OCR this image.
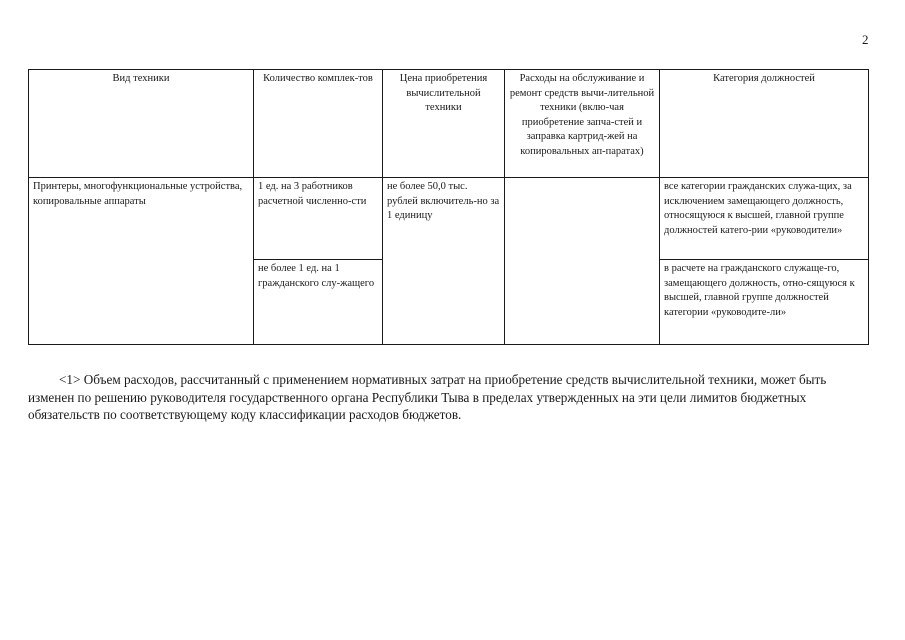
2
Вид техники	Количество комплек-тов	Цена приобретения вычислительной техники	Расходы на обслуживание и ремонт средств вычи-лительной техники (вклю-чая приобретение запча-стей и заправка картрид-жей на копировальных ап-паратах)	Категория должностей
Принтеры, многофункциональные устройства, копировальные аппараты	1 ед. на 3 работников расчетной численно-сти	не более 50,0 тыс. рублей включитель-но за 1 единицу		все категории гражданских служа-щих, за исключением замещающего должность, относящуюся к высшей, главной группе должностей катего-рии «руководители»
	не более 1 ед. на 1 гражданского слу-жащего			в расчете на гражданского служаще-го, замещающего должность, отно-сящуюся к высшей, главной группе должностей категории «руководите-ли»

<1> Объем расходов, рассчитанный с применением нормативных затрат на приобретение средств вычислительной техники, может быть изменен по решению руководителя государственного органа Республики Тыва в пределах утвержденных на эти цели лимитов бюджетных обязательств по соответствующему коду классификации расходов бюджетов.
